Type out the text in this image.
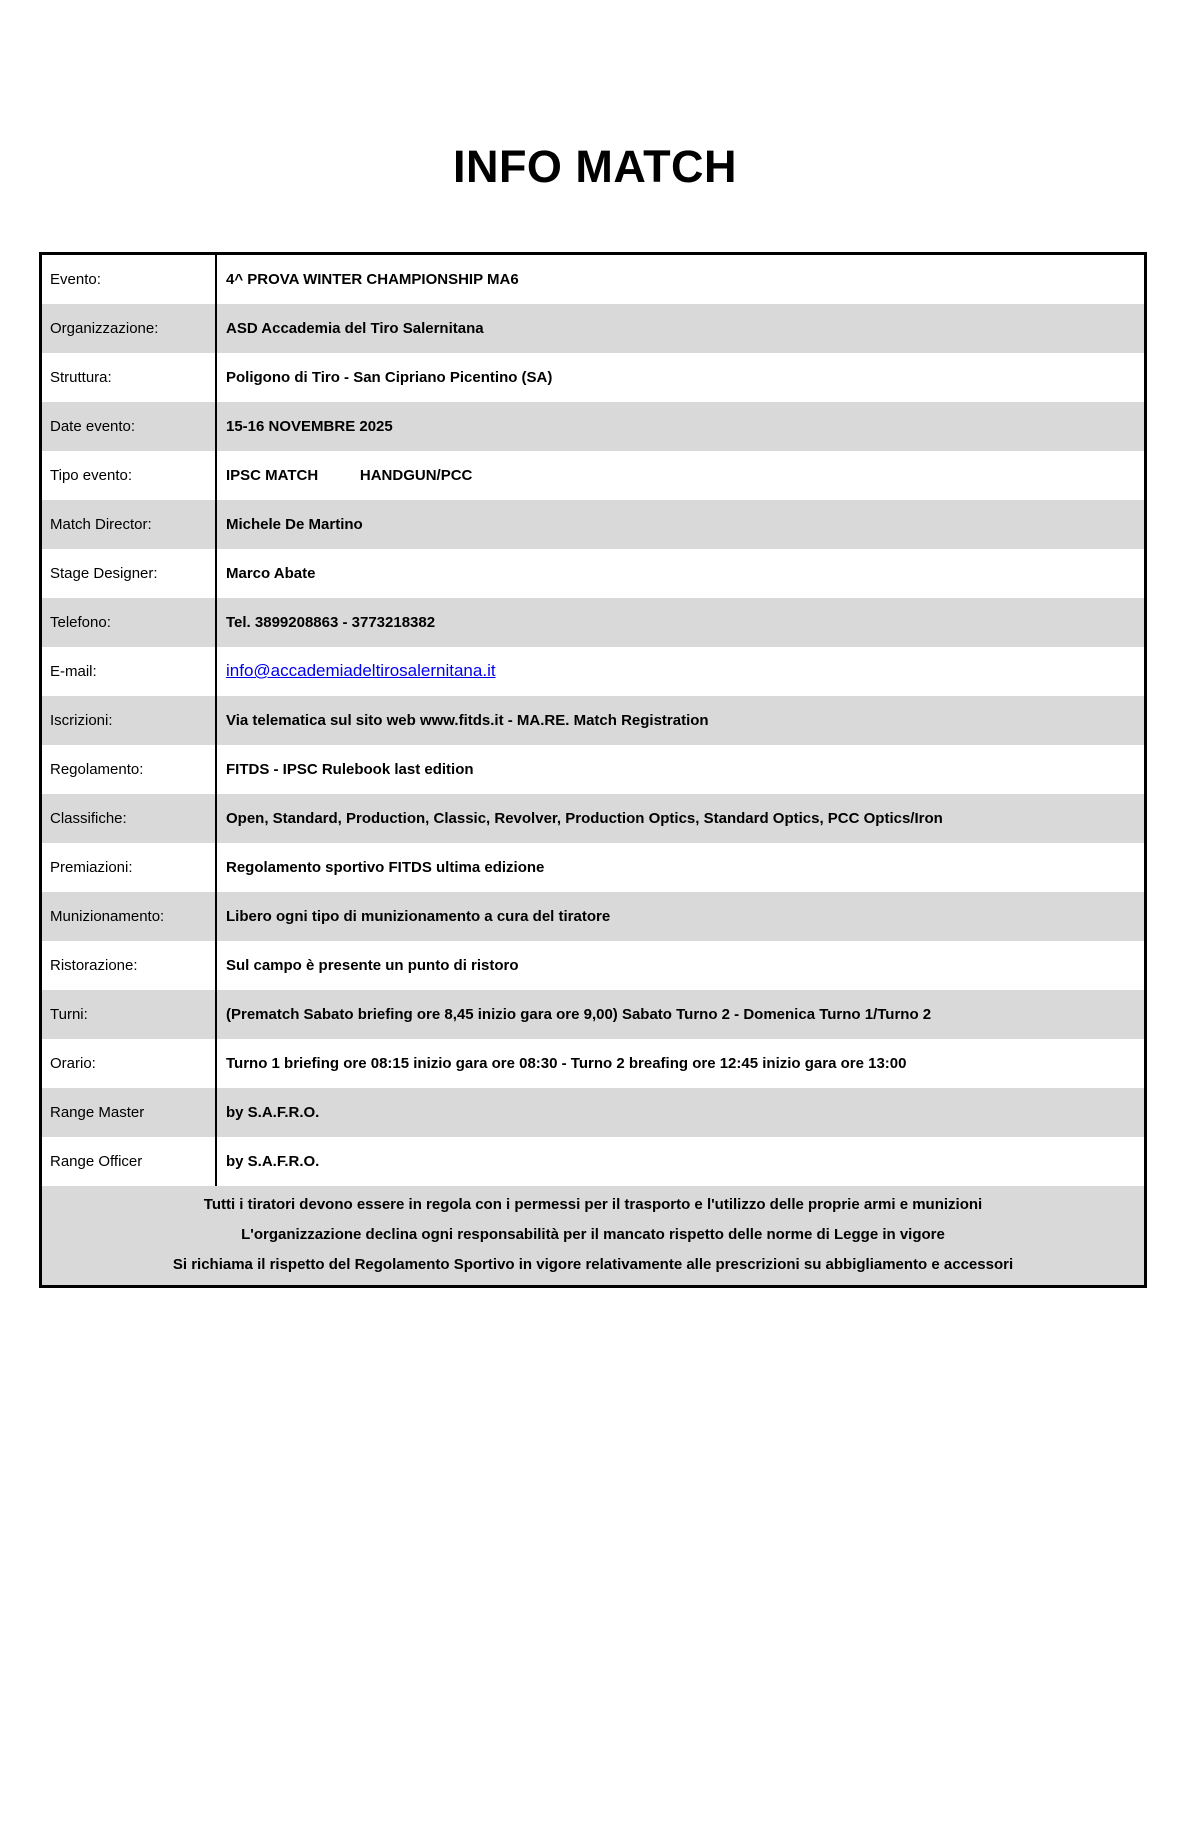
INFO MATCH
Evento:	4^ PROVA WINTER CHAMPIONSHIP MA6
Organizzazione:	ASD Accademia del Tiro Salernitana
Struttura:	Poligono di Tiro - San Cipriano Picentino (SA)
Date evento:	15-16 NOVEMBRE 2025
Tipo evento:	IPSC MATCH          HANDGUN/PCC
Match Director:	Michele De Martino
Stage Designer:	Marco Abate
Telefono:	Tel. 3899208863 - 3773218382
E-mail:	info@accademiadeltirosalernitana.it
Iscrizioni:	Via telematica sul sito web www.fitds.it - MA.RE. Match Registration
Regolamento:	FITDS - IPSC Rulebook last edition
Classifiche:	Open, Standard, Production, Classic, Revolver, Production Optics, Standard Optics, PCC Optics/Iron
Premiazioni:	Regolamento sportivo FITDS ultima edizione
Munizionamento:	Libero ogni tipo di munizionamento a cura del tiratore
Ristorazione:	Sul campo è presente un punto di ristoro
Turni:	(Prematch Sabato briefing ore 8,45 inizio gara ore 9,00) Sabato Turno 2 - Domenica Turno 1/Turno 2
Orario:	Turno 1 briefing ore 08:15 inizio gara ore 08:30 - Turno 2 breafing ore 12:45 inizio gara ore 13:00
Range Master	by S.A.F.R.O.
Range Officer	by S.A.F.R.O.
Tutti i tiratori devono essere in regola con i permessi per il trasporto e l'utilizzo delle proprie armi e munizioni
L'organizzazione declina ogni responsabilità per il mancato rispetto delle norme di Legge in vigore
Si richiama il rispetto del Regolamento Sportivo in vigore relativamente alle prescrizioni su abbigliamento e accessori
